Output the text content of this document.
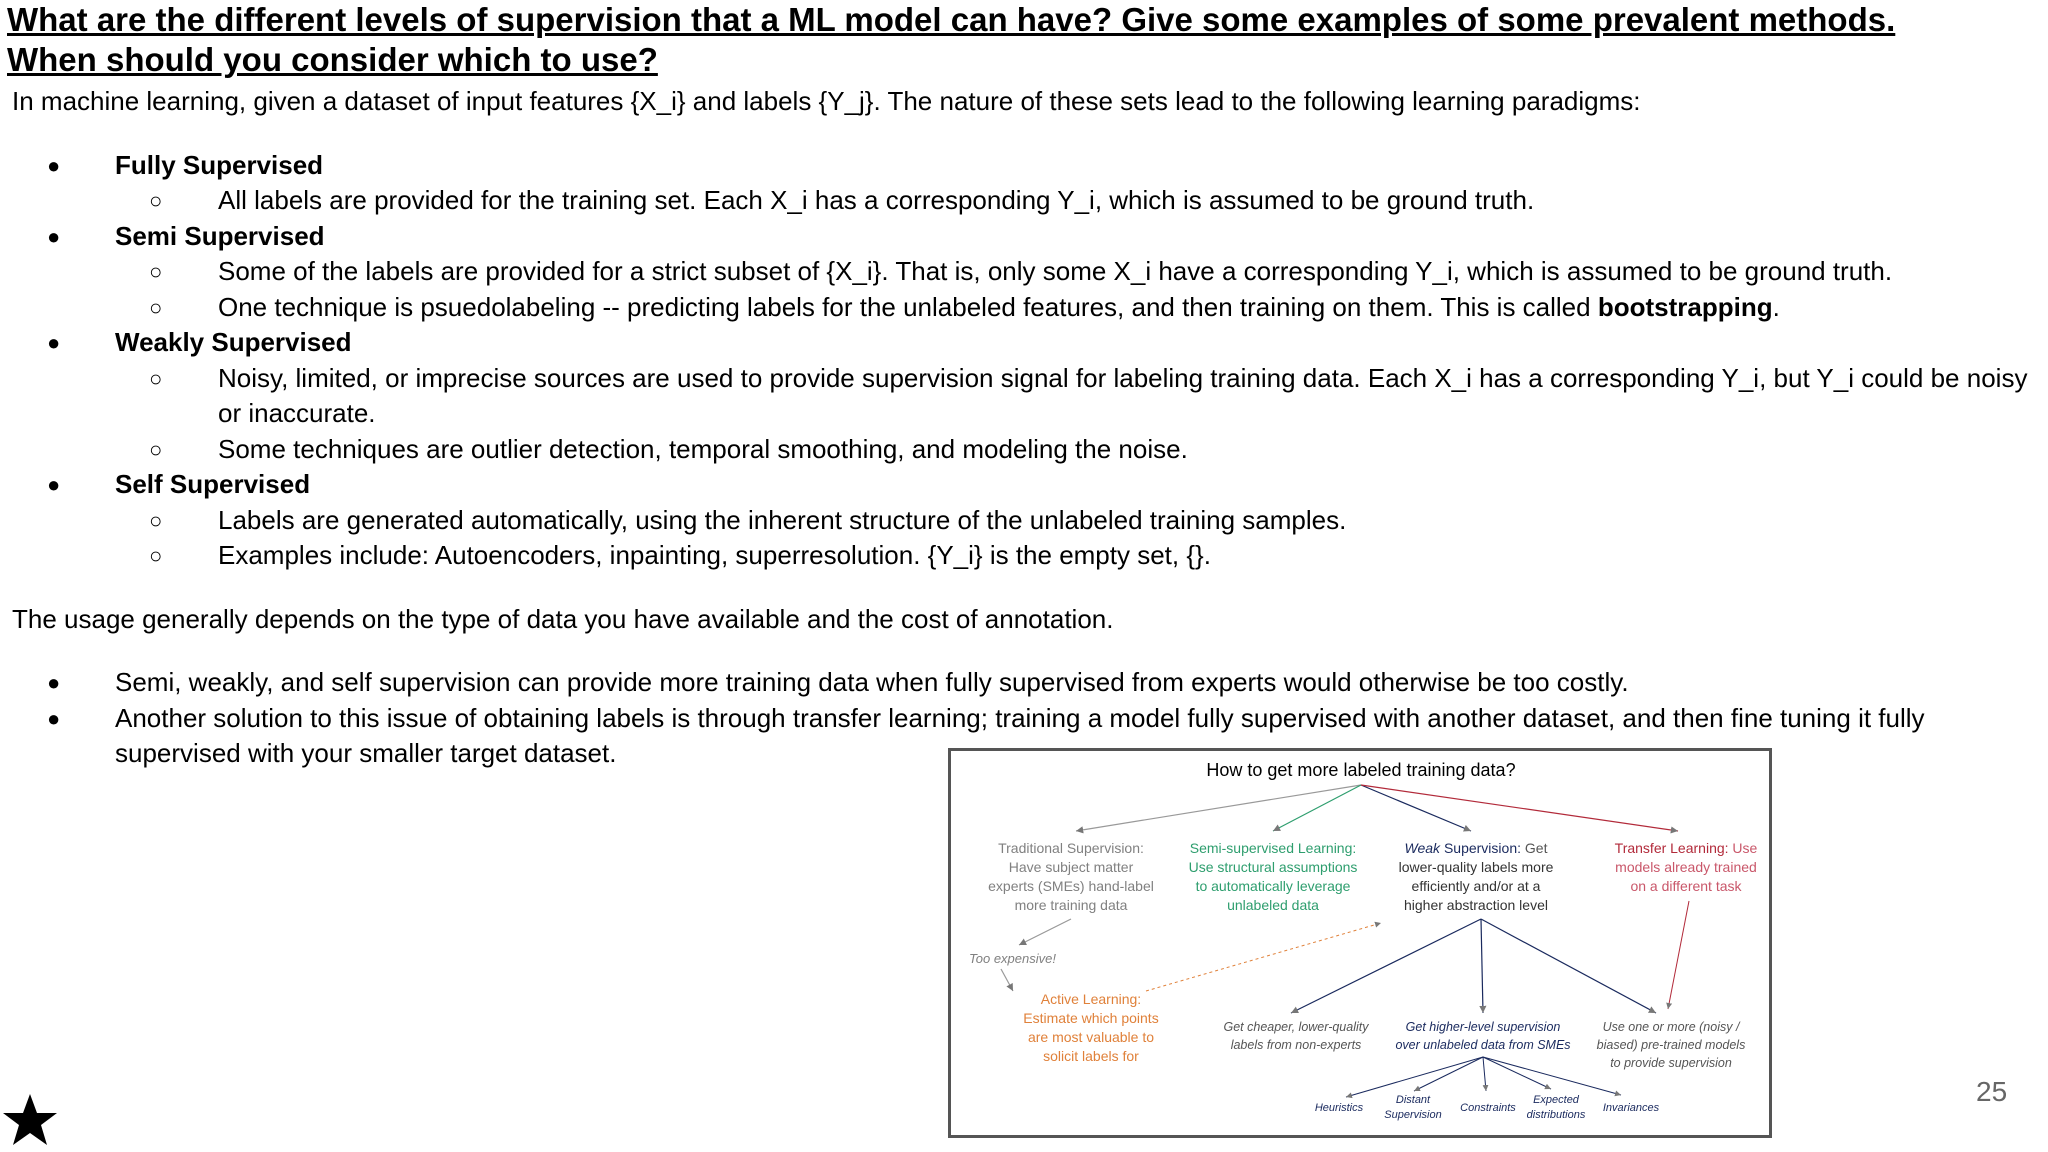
What are the different levels of supervision that a ML model can have? Give some examples of some prevalent methods.
When should you consider which to use?
In machine learning, given a dataset of input features {X_i} and labels {Y_j}. The nature of these sets lead to the following learning paradigms:
● Fully Supervised
○ All labels are provided for the training set. Each X_i has a corresponding Y_i, which is assumed to be ground truth.
● Semi Supervised
○ Some of the labels are provided for a strict subset of {X_i}. That is, only some X_i have a corresponding Y_i, which is assumed to be ground truth.
○ One technique is psuedolabeling -- predicting labels for the unlabeled features, and then training on them. This is called bootstrapping.
● Weakly Supervised
○ Noisy, limited, or imprecise sources are used to provide supervision signal for labeling training data. Each X_i has a corresponding Y_i, but Y_i could be noisy or inaccurate.
○ Some techniques are outlier detection, temporal smoothing, and modeling the noise.
● Self Supervised
○ Labels are generated automatically, using the inherent structure of the unlabeled training samples.
○ Examples include: Autoencoders, inpainting, superresolution. {Y_i} is the empty set, {}.
The usage generally depends on the type of data you have available and the cost of annotation.
● Semi, weakly, and self supervision can provide more training data when fully supervised from experts would otherwise be too costly.
● Another solution to this issue of obtaining labels is through transfer learning; training a model fully supervised with another dataset, and then fine tuning it fully supervised with your smaller target dataset.
How to get more labeled training data?
Traditional Supervision:
Have subject matter
experts (SMEs) hand-label
more training data
Semi-supervised Learning:
Use structural assumptions
to automatically leverage
unlabeled data
Weak Supervision: Get
lower-quality labels more
efficiently and/or at a
higher abstraction level
Transfer Learning: Use
models already trained
on a different task
Too expensive!
Active Learning:
Estimate which points
are most valuable to
solicit labels for
Get cheaper, lower-quality
labels from non-experts
Get higher-level supervision
over unlabeled data from SMEs
Use one or more (noisy /
biased) pre-trained models
to provide supervision
Heuristics
Distant
Supervision
Constraints
Expected
distributions
Invariances
25
